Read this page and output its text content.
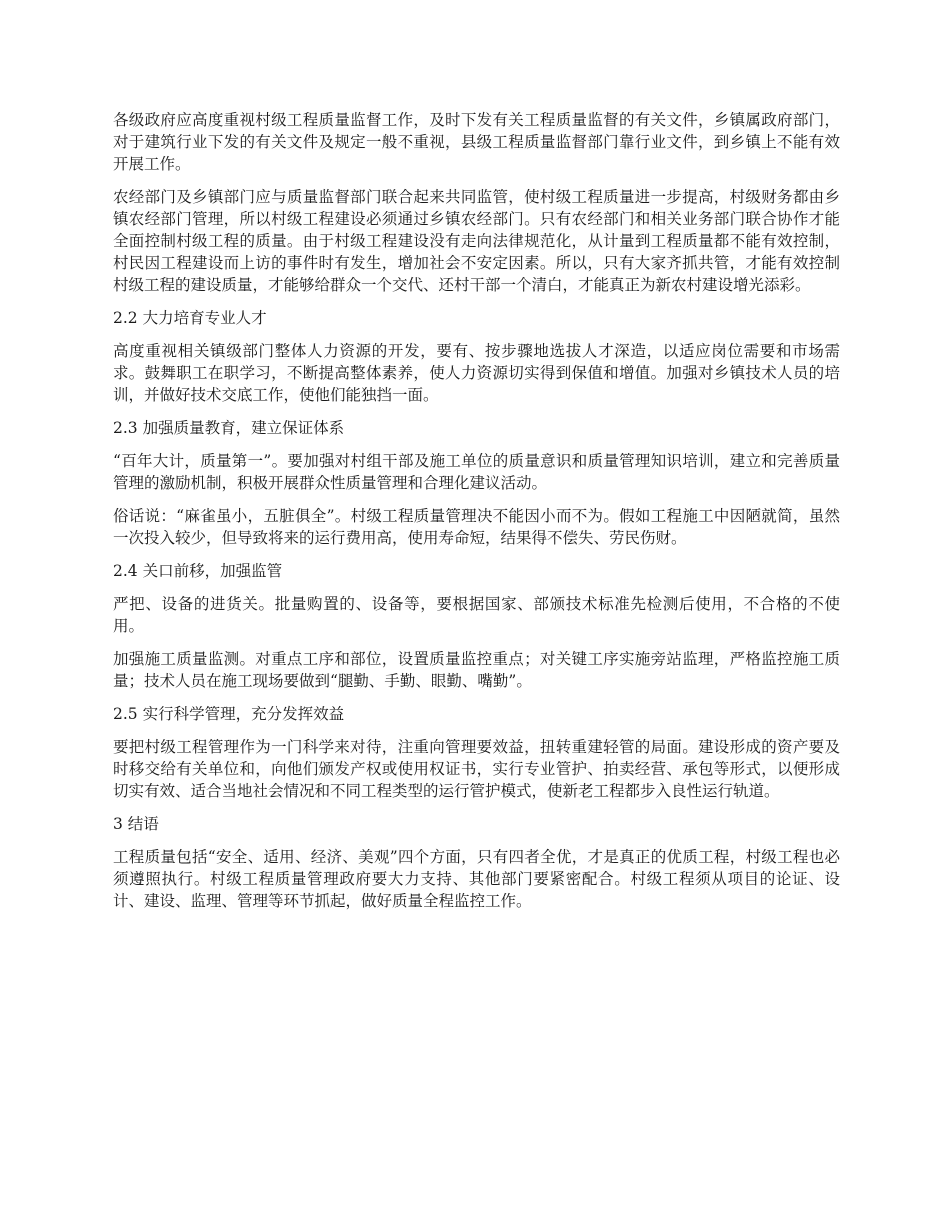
各级政府应高度重视村级工程质量监督工作，及时下发有关工程质量监督的有关文件，乡镇属政府部门，对于建筑行业下发的有关文件及规定一般不重视，县级工程质量监督部门靠行业文件，到乡镇上不能有效开展工作。

农经部门及乡镇部门应与质量监督部门联合起来共同监管，使村级工程质量进一步提高，村级财务都由乡镇农经部门管理，所以村级工程建设必须通过乡镇农经部门。只有农经部门和相关业务部门联合协作才能全面控制村级工程的质量。由于村级工程建设没有走向法律规范化，从计量到工程质量都不能有效控制，村民因工程建设而上访的事件时有发生，增加社会不安定因素。所以，只有大家齐抓共管，才能有效控制村级工程的建设质量，才能够给群众一个交代、还村干部一个清白，才能真正为新农村建设增光添彩。

2.2 大力培育专业人才

高度重视相关镇级部门整体人力资源的开发，要有、按步骤地选拔人才深造，以适应岗位需要和市场需求。鼓舞职工在职学习，不断提高整体素养，使人力资源切实得到保值和增值。加强对乡镇技术人员的培训，并做好技术交底工作，使他们能独挡一面。

2.3 加强质量教育，建立保证体系

“百年大计，质量第一”。要加强对村组干部及施工单位的质量意识和质量管理知识培训，建立和完善质量管理的激励机制，积极开展群众性质量管理和合理化建议活动。

俗话说：“麻雀虽小，五脏俱全”。村级工程质量管理决不能因小而不为。假如工程施工中因陋就简，虽然一次投入较少，但导致将来的运行费用高，使用寿命短，结果得不偿失、劳民伤财。

2.4 关口前移，加强监管

严把、设备的进货关。批量购置的、设备等，要根据国家、部颁技术标准先检测后使用，不合格的不使用。

加强施工质量监测。对重点工序和部位，设置质量监控重点；对关键工序实施旁站监理，严格监控施工质量；技术人员在施工现场要做到“腿勤、手勤、眼勤、嘴勤”。

2.5 实行科学管理，充分发挥效益

要把村级工程管理作为一门科学来对待，注重向管理要效益，扭转重建轻管的局面。建设形成的资产要及时移交给有关单位和，向他们颁发产权或使用权证书，实行专业管护、拍卖经营、承包等形式，以便形成切实有效、适合当地社会情况和不同工程类型的运行管护模式，使新老工程都步入良性运行轨道。

3 结语

工程质量包括“安全、适用、经济、美观”四个方面，只有四者全优，才是真正的优质工程，村级工程也必须遵照执行。村级工程质量管理政府要大力支持、其他部门要紧密配合。村级工程须从项目的论证、设计、建设、监理、管理等环节抓起，做好质量全程监控工作。
